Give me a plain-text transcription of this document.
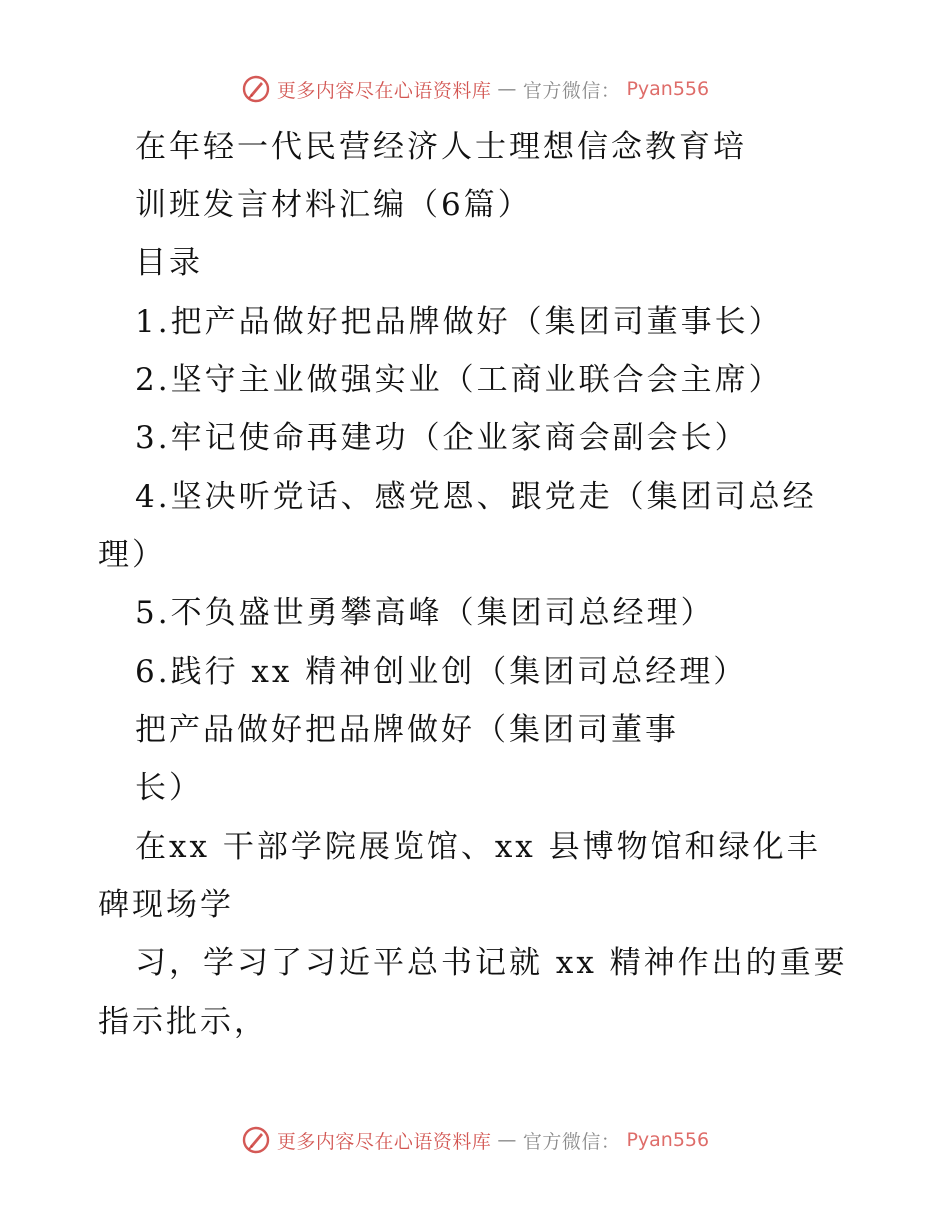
更多内容尽在心语资料库 — 官方微信： Pyan556
在年轻一代民营经济人士理想信念教育培
训班发言材料汇编（6篇）
目录
1.把产品做好把品牌做好（集团司董事长）
2.坚守主业做强实业（工商业联合会主席）
3.牢记使命再建功（企业家商会副会长）
4.坚决听党话、感党恩、跟党走（集团司总经
理）
5.不负盛世勇攀高峰（集团司总经理）
6.践行 xx 精神创业创（集团司总经理）
把产品做好把品牌做好（集团司董事
长）
在xx 干部学院展览馆、xx 县博物馆和绿化丰
碑现场学
习，学习了习近平总书记就 xx 精神作出的重要
指示批示，
更多内容尽在心语资料库 — 官方微信： Pyan556
